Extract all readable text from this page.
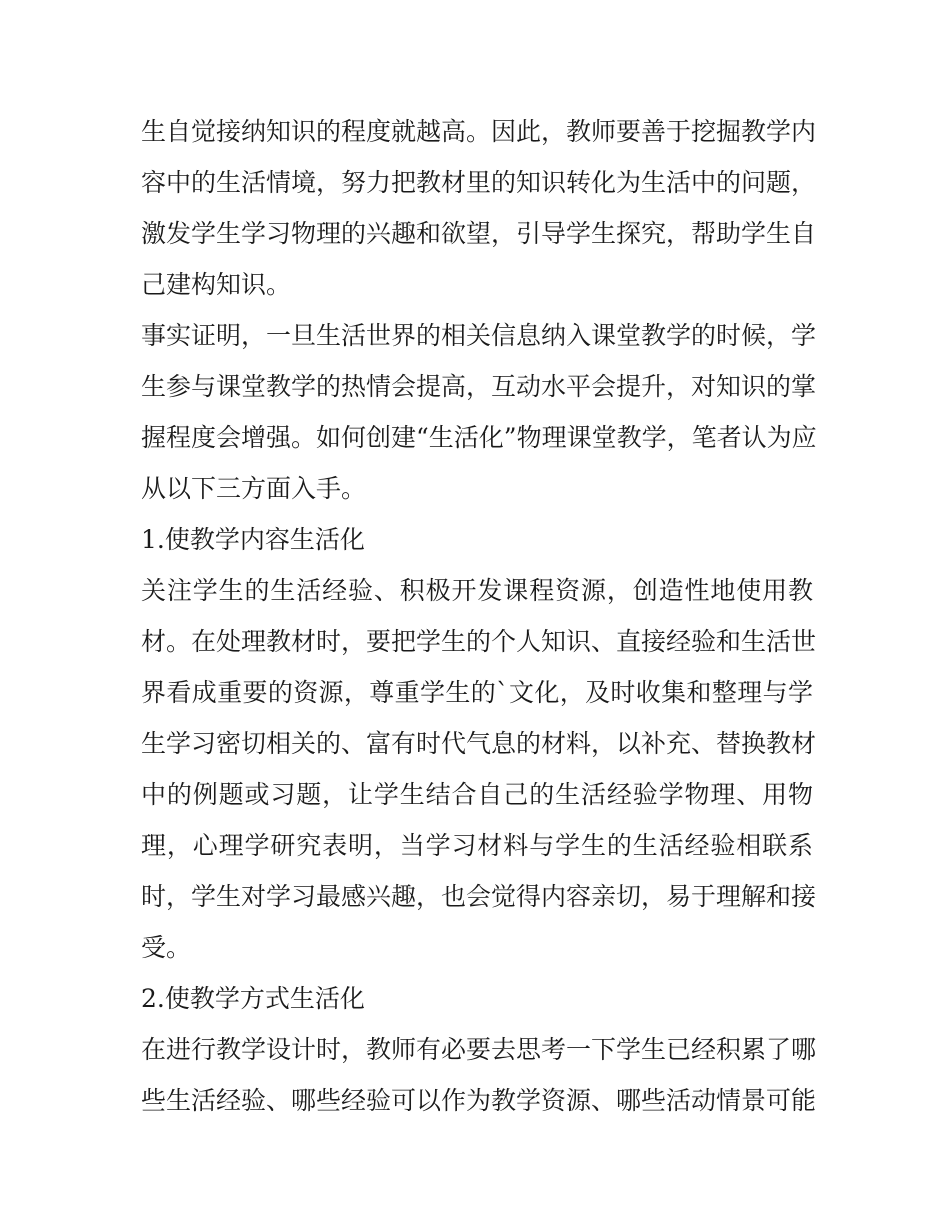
生自觉接纳知识的程度就越高。因此，教师要善于挖掘教学内
容中的生活情境，努力把教材里的知识转化为生活中的问题，
激发学生学习物理的兴趣和欲望，引导学生探究，帮助学生自
己建构知识。
事实证明，一旦生活世界的相关信息纳入课堂教学的时候，学
生参与课堂教学的热情会提高，互动水平会提升，对知识的掌
握程度会增强。如何创建“生活化”物理课堂教学，笔者认为应
从以下三方面入手。
1.使教学内容生活化
关注学生的生活经验、积极开发课程资源，创造性地使用教
材。在处理教材时，要把学生的个人知识、直接经验和生活世
界看成重要的资源，尊重学生的`文化，及时收集和整理与学
生学习密切相关的、富有时代气息的材料，以补充、替换教材
中的例题或习题，让学生结合自己的生活经验学物理、用物
理，心理学研究表明，当学习材料与学生的生活经验相联系
时，学生对学习最感兴趣，也会觉得内容亲切，易于理解和接
受。
2.使教学方式生活化
在进行教学设计时，教师有必要去思考一下学生已经积累了哪
些生活经验、哪些经验可以作为教学资源、哪些活动情景可能
